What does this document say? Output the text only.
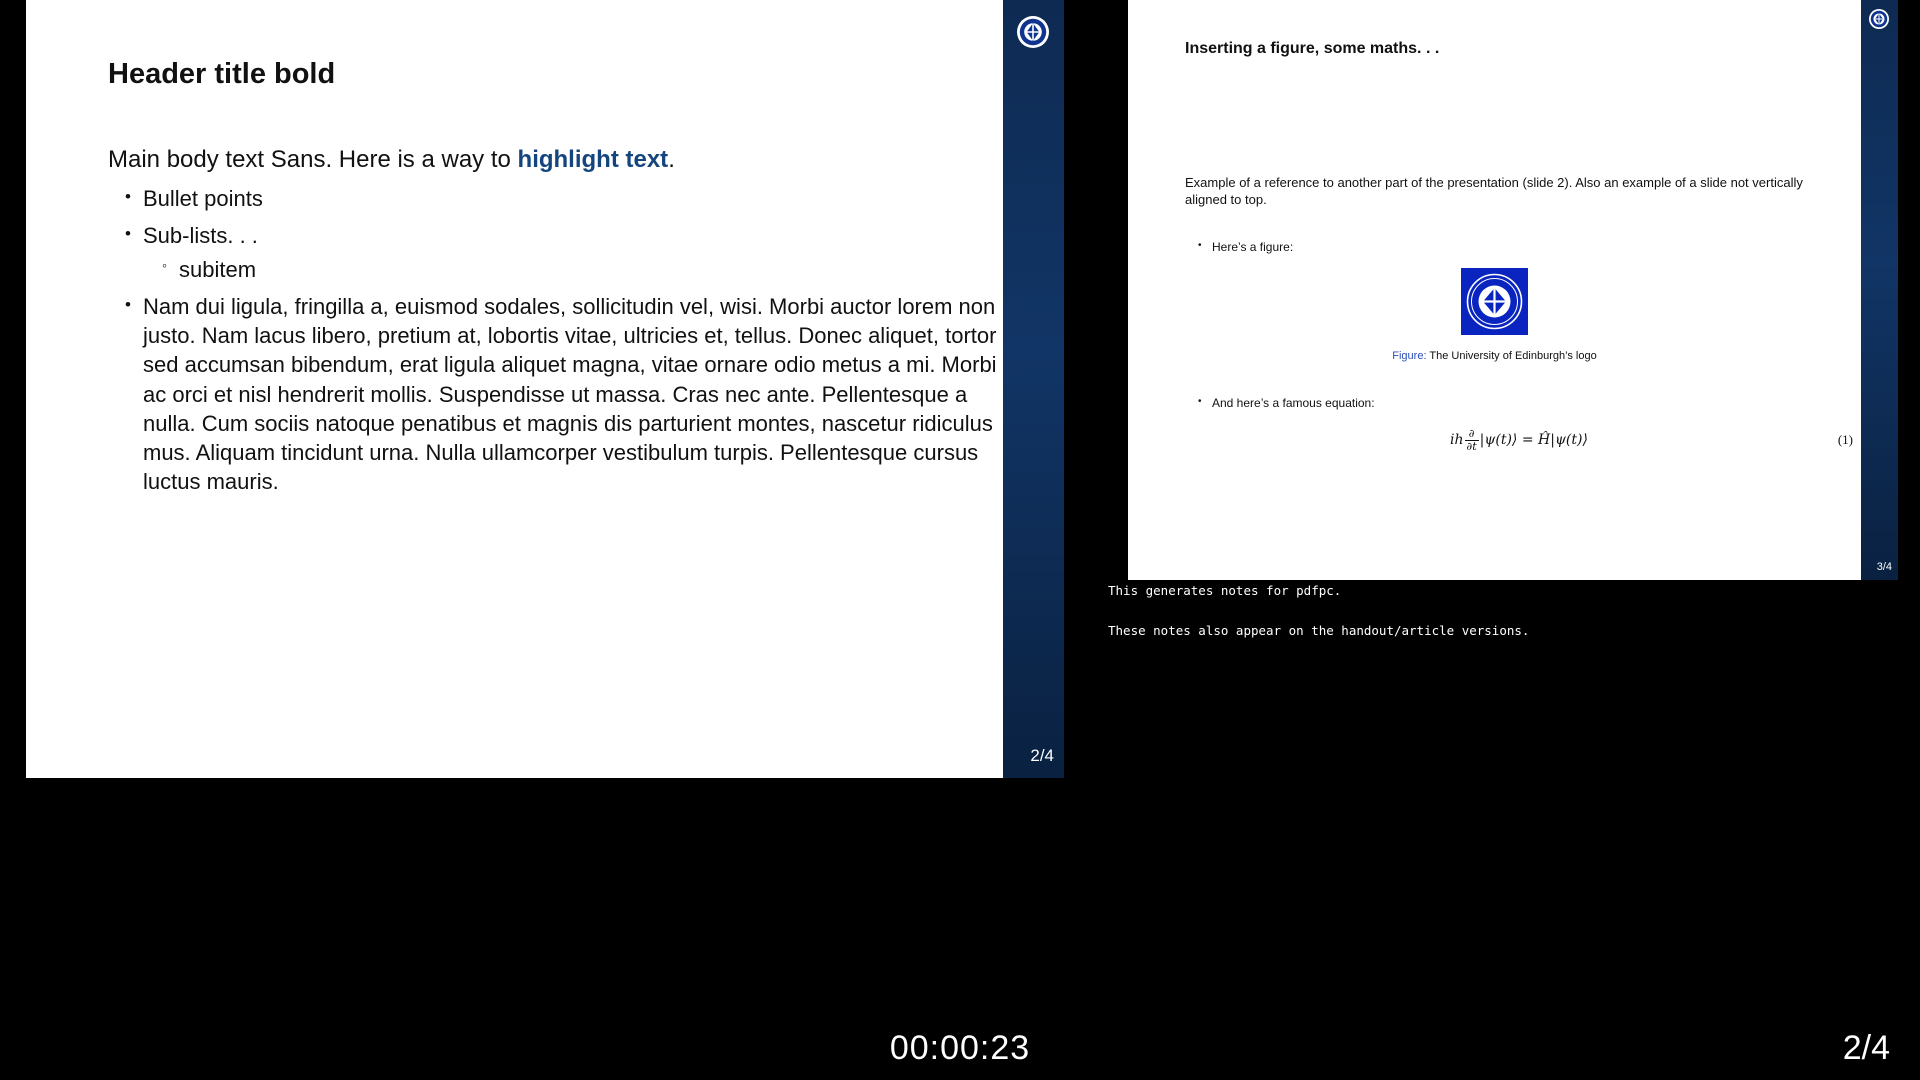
Header title bold
Main body text Sans. Here is a way to highlight text.
• Bullet points
• Sub-lists. . .
◦ subitem
• Nam dui ligula, fringilla a, euismod sodales, sollicitudin vel, wisi. Morbi auctor lorem non justo. Nam lacus libero, pretium at, lobortis vitae, ultricies et, tellus. Donec aliquet, tortor sed accumsan bibendum, erat ligula aliquet magna, vitae ornare odio metus a mi. Morbi ac orci et nisl hendrerit mollis. Suspendisse ut massa. Cras nec ante. Pellentesque a nulla. Cum sociis natoque penatibus et magnis dis parturient montes, nascetur ridiculus mus. Aliquam tincidunt urna. Nulla ullamcorper vestibulum turpis. Pellentesque cursus luctus mauris.
2/4
Inserting a figure, some maths. . .
Example of a reference to another part of the presentation (slide 2). Also an example of a slide not vertically aligned to top.
• Here’s a figure:
Figure: The University of Edinburgh’s logo
• And here’s a famous equation:
ih $\frac{\partial}{\partial t}$ |ψ(t)⟩ = Ĥ|ψ(t)⟩	(1)
3/4

This generates notes for pdfpc.

These notes also appear on the handout/article versions.

00:00:23	2/4
